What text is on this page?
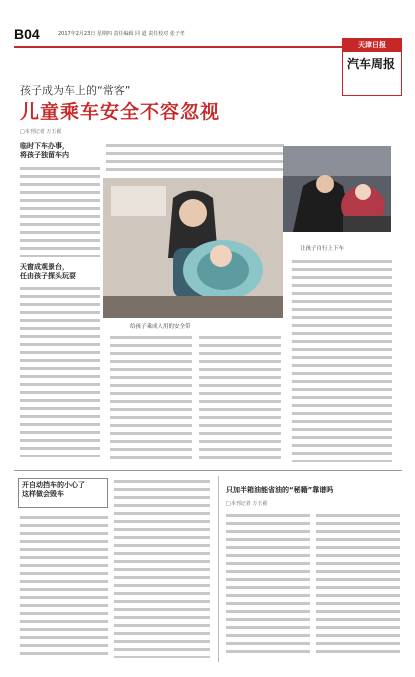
B04	2017年2月23日 星期四 责任编辑 同 道 责任校对 张子孝
天津日报
汽车周报
孩子成为车上的“常客”
儿童乘车安全不容忽视
□本刊记者 万玉翟
临时下车办事，
将孩子独留车内
天窗成观景台，
任由孩子探头玩耍
给孩子乘成人用的安全带
让孩子自行上下车
开自动挡车的小心了
这样做会毁车	只加半箱油能省油的“秘籍”靠谱吗
□本刊记者 万玉翟
